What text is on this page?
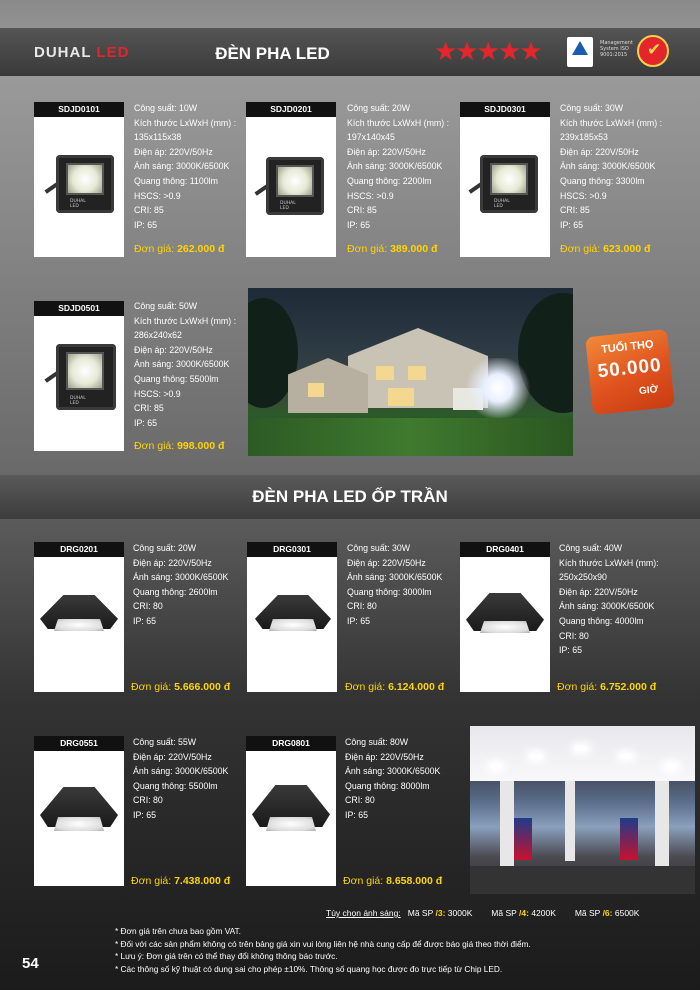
DUHAL LED	ĐÈN PHA LED	★★★★★	Management System ISO 9001:2015 ✔
SDJD0101
DUHAL LED
Công suất: 10W
Kích thước LxWxH (mm) :
135x115x38
Điện áp: 220V/50Hz
Ánh sáng: 3000K/6500K
Quang thông: 1100lm
HSCS: >0.9
CRI: 85
IP: 65
Đơn giá: 262.000 đ
SDJD0201
DUHAL LED
Công suất: 20W
Kích thước LxWxH (mm) :
197x140x45
Điện áp: 220V/50Hz
Ánh sáng: 3000K/6500K
Quang thông: 2200lm
HSCS: >0.9
CRI: 85
IP: 65
Đơn giá: 389.000 đ
SDJD0301
DUHAL LED
Công suất: 30W
Kích thước LxWxH (mm) :
239x185x53
Điện áp: 220V/50Hz
Ánh sáng: 3000K/6500K
Quang thông: 3300lm
HSCS: >0.9
CRI: 85
IP: 65
Đơn giá: 623.000 đ
SDJD0501
DUHAL LED
Công suất: 50W
Kích thước LxWxH (mm) :
286x240x62
Điện áp: 220V/50Hz
Ánh sáng: 3000K/6500K
Quang thông: 5500lm
HSCS: >0.9
CRI: 85
IP: 65
Đơn giá: 998.000 đ
TUỔI THỌ
50.000
GIỜ
ĐÈN PHA LED ỐP TRẦN
DRG0201	Công suất: 20W
Điện áp: 220V/50Hz
Ánh sáng: 3000K/6500K
Quang thông: 2600lm
CRI: 80
IP: 65
Đơn giá: 5.666.000 đ
DRG0301	Công suất: 30W
Điện áp: 220V/50Hz
Ánh sáng: 3000K/6500K
Quang thông: 3000lm
CRI: 80
IP: 65
Đơn giá: 6.124.000 đ
DRG0401	Công suất: 40W
Kích thước LxWxH (mm):
250x250x90
Điện áp: 220V/50Hz
Ánh sáng: 3000K/6500K
Quang thông: 4000lm
CRI: 80
IP: 65
Đơn giá: 6.752.000 đ
DRG0551	Công suất: 55W
Điện áp: 220V/50Hz
Ánh sáng: 3000K/6500K
Quang thông: 5500lm
CRI: 80
IP: 65
Đơn giá: 7.438.000 đ
DRG0801	Công suất: 80W
Điện áp: 220V/50Hz
Ánh sáng: 3000K/6500K
Quang thông: 8000lm
CRI: 80
IP: 65
Đơn giá: 8.658.000 đ
Tùy chọn ánh sáng: Mã SP /3: 3000K Mã SP /4: 4200K Mã SP /6: 6500K
* Đơn giá trên chưa bao gồm VAT.
* Đối với các sản phẩm không có trên bảng giá xin vui lòng liên hệ nhà cung cấp để được báo giá theo thời điểm.
* Lưu ý: Đơn giá trên có thể thay đổi không thông báo trước.
* Các thông số kỹ thuật có dung sai cho phép ±10%. Thông số quang học được đo trực tiếp từ Chip LED.
54
